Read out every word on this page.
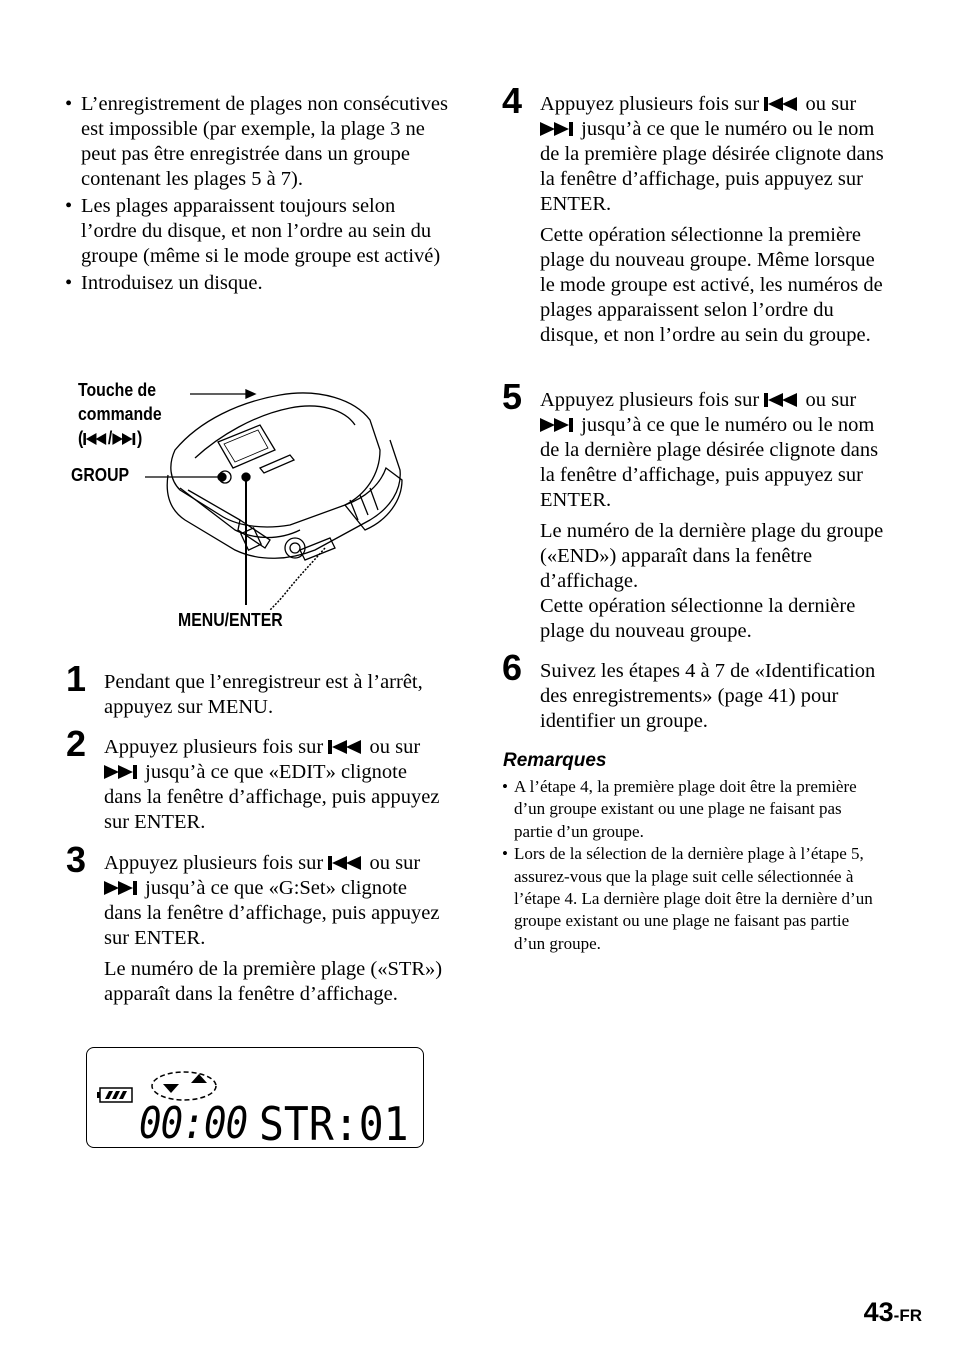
• L’enregistrement de plages non consécutives est impossible (par exemple, la plage 3 ne peut pas être enregistrée dans un groupe contenant les plages 5 à 7).
• Les plages apparaissent toujours selon l’ordre du disque, et non l’ordre au sein du groupe (même si le mode groupe est activé)
• Introduisez un disque.
Touche de
commande
( / )
GROUP
MENU/ENTER
1 Pendant que l’enregistreur est à l’arrêt, appuyez sur MENU.
2 Appuyez plusieurs fois sur ou sur  jusqu’à ce que «EDIT» clignote dans la fenêtre d’affichage, puis appuyez sur ENTER.
3 Appuyez plusieurs fois sur ou sur  jusqu’à ce que «G:Set» clignote dans la fenêtre d’affichage, puis appuyez sur ENTER.
Le numéro de la première plage («STR») apparaît dans la fenêtre d’affichage.
00:00 STR:01
4 Appuyez plusieurs fois sur ou sur  jusqu’à ce que le numéro ou le nom de la première plage désirée clignote dans la fenêtre d’affichage, puis appuyez sur ENTER.
Cette opération sélectionne la première plage du nouveau groupe. Même lorsque le mode groupe est activé, les numéros de plages apparaissent selon l’ordre du disque, et non l’ordre au sein du groupe.
5 Appuyez plusieurs fois sur ou sur  jusqu’à ce que le numéro ou le nom de la dernière plage désirée clignote dans la fenêtre d’affichage, puis appuyez sur ENTER.
Le numéro de la dernière plage du groupe («END») apparaît dans la fenêtre d’affichage.
Cette opération sélectionne la dernière plage du nouveau groupe.
6 Suivez les étapes 4 à 7 de «Identification des enregistrements» (page 41) pour identifier un groupe.
Remarques
• A l’étape 4, la première plage doit être la première d’un groupe existant ou une plage ne faisant pas partie d’un groupe.
• Lors de la sélection de la dernière plage à l’étape 5, assurez-vous que la plage suit celle sélectionnée à l’étape 4. La dernière plage doit être la dernière d’un groupe existant ou une plage ne faisant pas partie d’un groupe.
43-FR
